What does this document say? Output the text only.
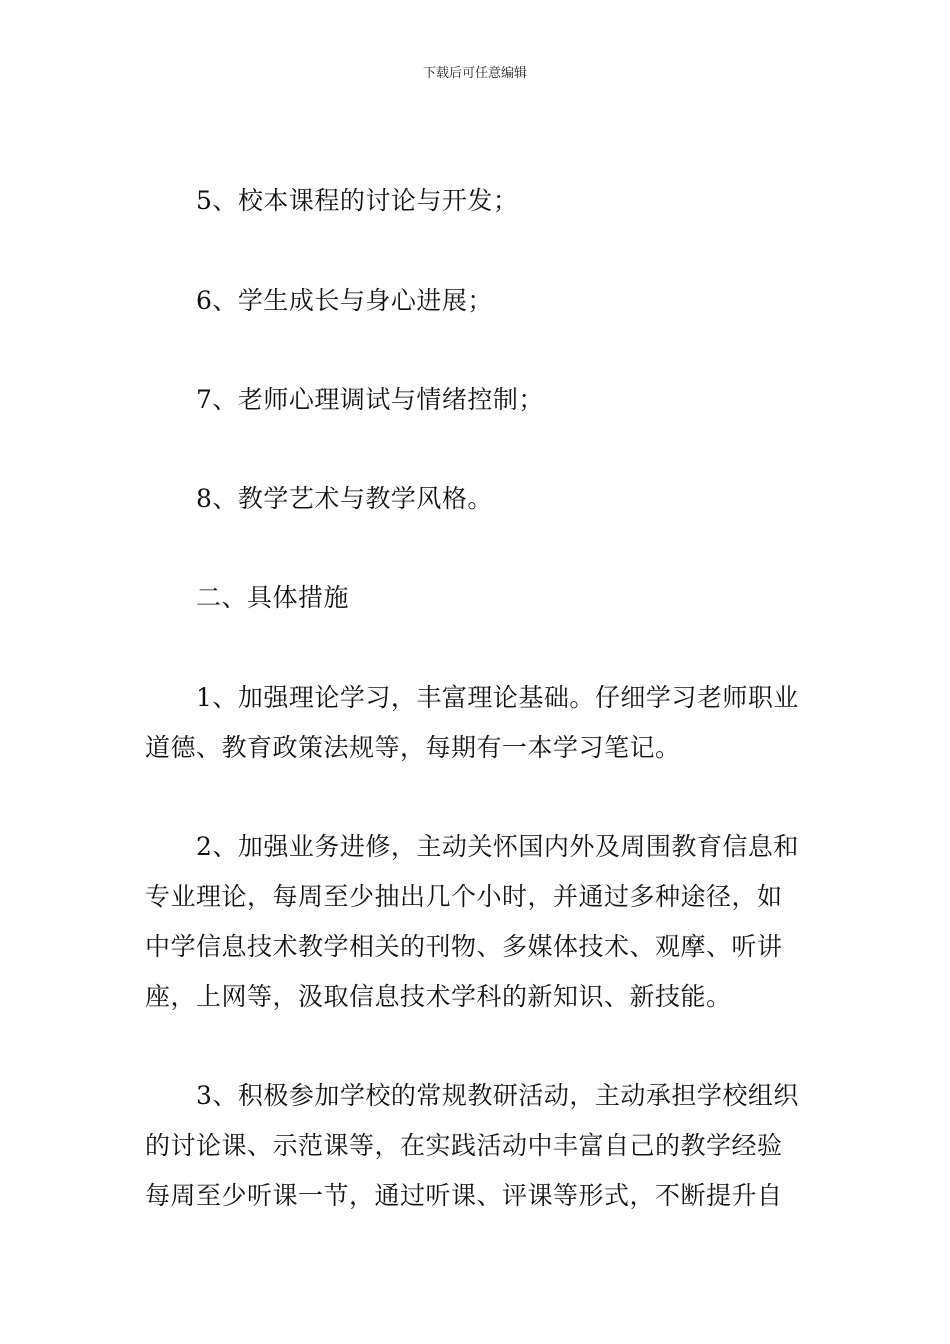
下载后可任意编辑
5、校本课程的讨论与开发；
6、学生成长与身心进展；
7、老师心理调试与情绪控制；
8、教学艺术与教学风格。
二、具体措施
1、加强理论学习，丰富理论基础。仔细学习老师职业
道德、教育政策法规等，每期有一本学习笔记。
2、加强业务进修，主动关怀国内外及周围教育信息和
专业理论，每周至少抽出几个小时，并通过多种途径，如
中学信息技术教学相关的刊物、多媒体技术、观摩、听讲
座，上网等，汲取信息技术学科的新知识、新技能。
3、积极参加学校的常规教研活动，主动承担学校组织
的讨论课、示范课等，在实践活动中丰富自己的教学经验
每周至少听课一节，通过听课、评课等形式，不断提升自
